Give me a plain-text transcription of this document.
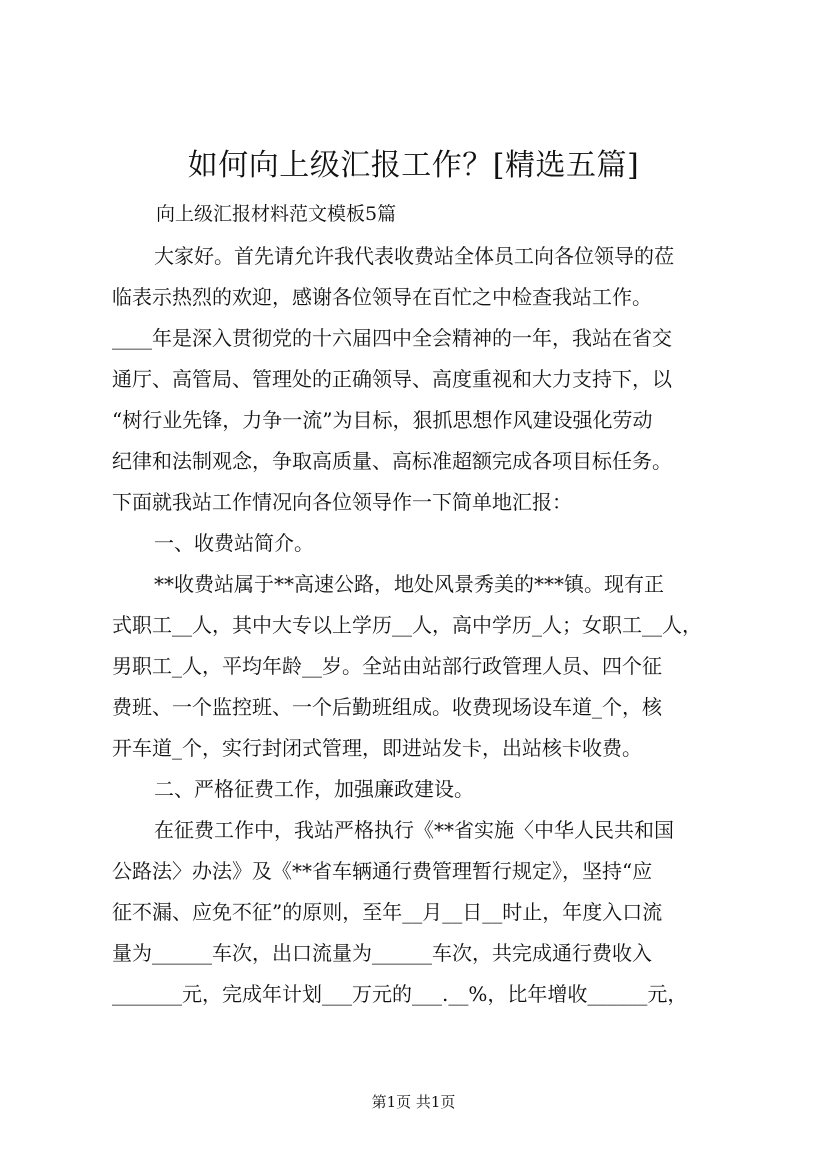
如何向上级汇报工作？[精选五篇]
向上级汇报材料范文模板5篇
大家好。首先请允许我代表收费站全体员工向各位领导的莅
临表示热烈的欢迎，感谢各位领导在百忙之中检查我站工作。
____年是深入贯彻党的十六届四中全会精神的一年，我站在省交
通厅、高管局、管理处的正确领导、高度重视和大力支持下，以
“树行业先锋，力争一流”为目标，狠抓思想作风建设强化劳动
纪律和法制观念，争取高质量、高标准超额完成各项目标任务。
下面就我站工作情况向各位领导作一下简单地汇报：
一、收费站简介。
**收费站属于**高速公路，地处风景秀美的***镇。现有正
式职工__人，其中大专以上学历__人，高中学历_人；女职工__人，
男职工_人，平均年龄__岁。全站由站部行政管理人员、四个征
费班、一个监控班、一个后勤班组成。收费现场设车道_个，核
开车道_个，实行封闭式管理，即进站发卡，出站核卡收费。
二、严格征费工作，加强廉政建设。
在征费工作中，我站严格执行《**省实施〈中华人民共和国
公路法〉办法》及《**省车辆通行费管理暂行规定》，坚持“应
征不漏、应免不征”的原则，至年__月__日__时止，年度入口流
量为______车次，出口流量为______车次，共完成通行费收入
_______元，完成年计划___万元的___.__%，比年增收______元，
第1页 共1页
